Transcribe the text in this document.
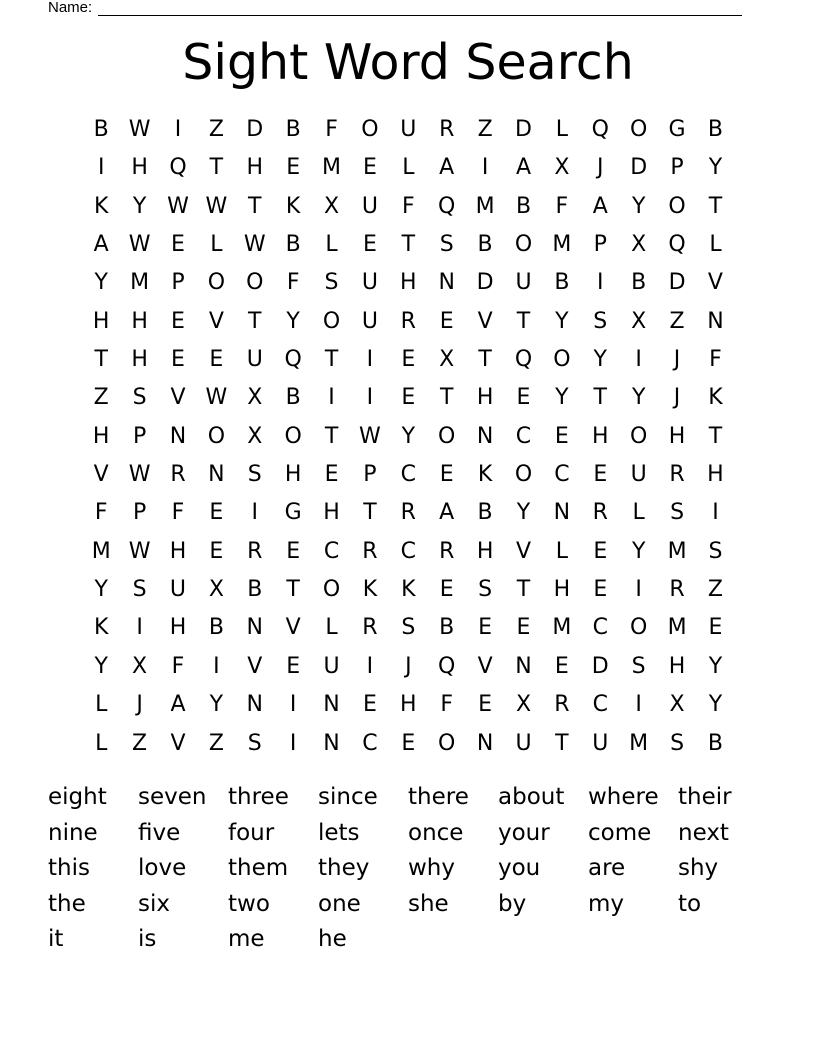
Name:
Sight Word Search
B W	I	Z	D	B	F	O U	R	Z	D	L	Q O G	B
I	H Q	T	H	E M E	L	A	I	A	X	J	D	P	Y
K	Y W W T	K	X	U	F	Q M B	F	A	Y	O	T
A W E	L W B	L	E	T	S	B	O M	P	X	Q	L
Y	M	P	O O	F	S	U	H N D U	B	I	B	D	V
H H	E	V	T	Y	O U	R	E	V	T	Y	S	X	Z	N
T	H	E	E	U Q	T	I	E	X	T	Q O	Y	I	J	F
Z	S	V W X	B	I	I	E	T	H	E	Y	T	Y	J	K
H	P	N O	X	O	T W Y	O N	C	E	H O H	T
V W R	N	S	H	E	P	C	E	K	O	C	E	U	R	H
F	P	F	E	I	G H	T	R	A	B	Y	N	R	L	S	I
M W H	E	R	E	C	R	C	R	H	V	L	E	Y	M S
Y	S	U	X	B	T	O	K	K	E	S	T	H	E	I	R	Z
K	I	H	B	N	V	L	R	S	B	E	E M C	O M E
Y	X	F	I	V	E	U	I	J	Q	V	N	E	D	S	H	Y
L	J	A	Y	N	I	N	E	H	F	E	X	R	C	I	X	Y
L	Z	V	Z	S	I	N	C	E	O N	U	T	U M S	B
eight	seven three	since	there	about	where their
nine	five	four	lets	once	your	come	next
this	love	them	they	why	you	are	shy
the	six	two	one	she	by	my	to
it	is	me	he
